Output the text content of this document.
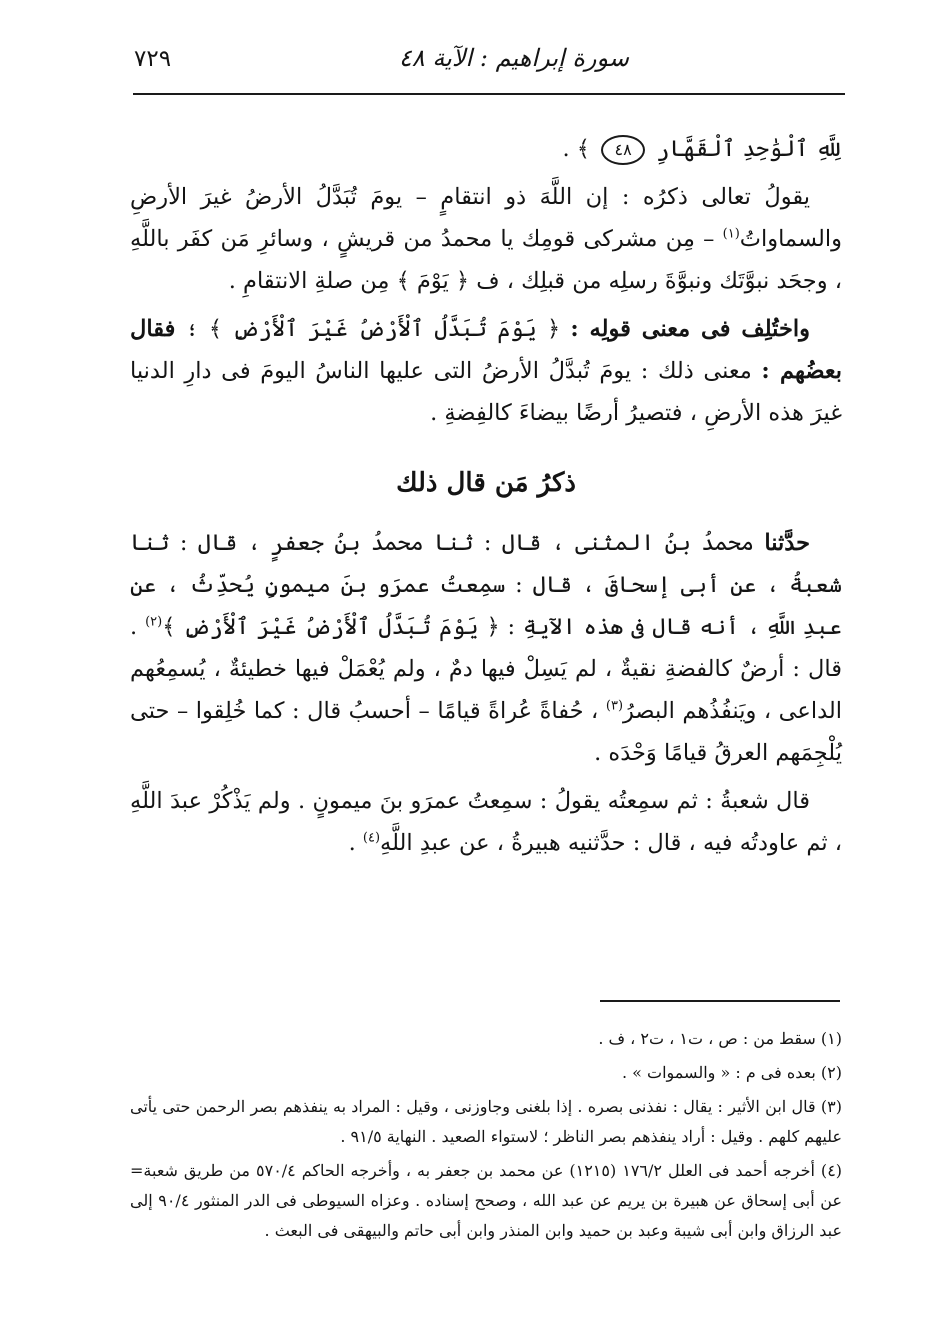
سورة إبراهيم : الآية ٤٨
٧٢٩

لِلَّهِ ٱلْوَٰحِدِ ٱلْقَهَّارِ ٤٨ ﴾ .

يقولُ تعالى ذكرُه : إن اللَّهَ ذو انتقامٍ – يومَ تُبَدَّلُ الأرضُ غيرَ الأرضِ والسماواتُ$^{(١)}$ – مِن مشركى قومِك يا محمدُ من قريشٍ ، وسائرِ مَن كفَر باللَّهِ ، وجحَد نبوَّتَك ونبوَّةَ رسلِه من قبلِك ، ف ﴿ يَوْمَ ﴾ مِن صلةِ الانتقامِ .

واختُلِف فى معنى قولِه : ﴿ يَوْمَ تُبَدَّلُ ٱلْأَرْضُ غَيْرَ ٱلْأَرْضِ ﴾ ؛ فقال بعضُهم : معنى ذلك : يومَ تُبدَّلُ الأرضُ التى عليها الناسُ اليومَ فى دارِ الدنيا غيرَ هذه الأرضِ ، فتصيرُ أرضًا بيضاءَ كالفِضةِ .

ذكرُ مَن قال ذلك

حدَّثنا محمدُ بنُ المثنى ، قال : ثنا محمدُ بنُ جعفرٍ ، قال : ثنا شعبةُ ، عن أبى إسحاقَ ، قال : سمِعتُ عمرَو بنَ ميمونٍ يُحدِّثُ ، عن عبدِ اللَّهِ ، أنه قال فى هذه الآيةِ : ﴿ يَوْمَ تُبَدَّلُ ٱلْأَرْضُ غَيْرَ ٱلْأَرْضِ ﴾$^{(٢)}$ . قال : أرضٌ كالفضةِ نقيةٌ ، لم يَسِلْ فيها دمٌ ، ولم يُعْمَلْ فيها خطيئةٌ ، يُسمِعُهم الداعى ، ويَنفُذُهم البصرُ$^{(٣)}$ ، حُفاةً عُراةً قيامًا – أحسبُ قال : كما خُلِقوا – حتى يُلْجِمَهم العرقُ قيامًا وَحْدَه .

قال شعبةُ : ثم سمِعتُه يقولُ : سمِعتُ عمرَو بنَ ميمونٍ . ولم يَذْكُرْ عبدَ اللَّهِ ، ثم عاودتُه فيه ، قال : حدَّثنيه هبيرةُ ، عن عبدِ اللَّهِ$^{(٤)}$ .

(١) سقط من : ص ، ت١ ، ت٢ ، ف .

(٢) بعده فى م : « والسموات » .

(٣) قال ابن الأثير : يقال : نفذنى بصره . إذا بلغنى وجاوزنى ، وقيل : المراد به ينفذهم بصر الرحمن حتى يأتى عليهم كلهم . وقيل : أراد ينفذهم بصر الناظر ؛ لاستواء الصعيد . النهاية ٩١/٥ .

= (٤) أخرجه أحمد فى العلل ١٧٦/٢ (١٢١٥) عن محمد بن جعفر به ، وأخرجه الحاكم ٥٧٠/٤ من طريق شعبة عن أبى إسحاق عن هبيرة بن يريم عن عبد الله ، وصحح إسناده . وعزاه السيوطى فى الدر المنثور ٩٠/٤ إلى عبد الرزاق وابن أبى شيبة وعبد بن حميد وابن المنذر وابن أبى حاتم والبيهقى فى البعث .
